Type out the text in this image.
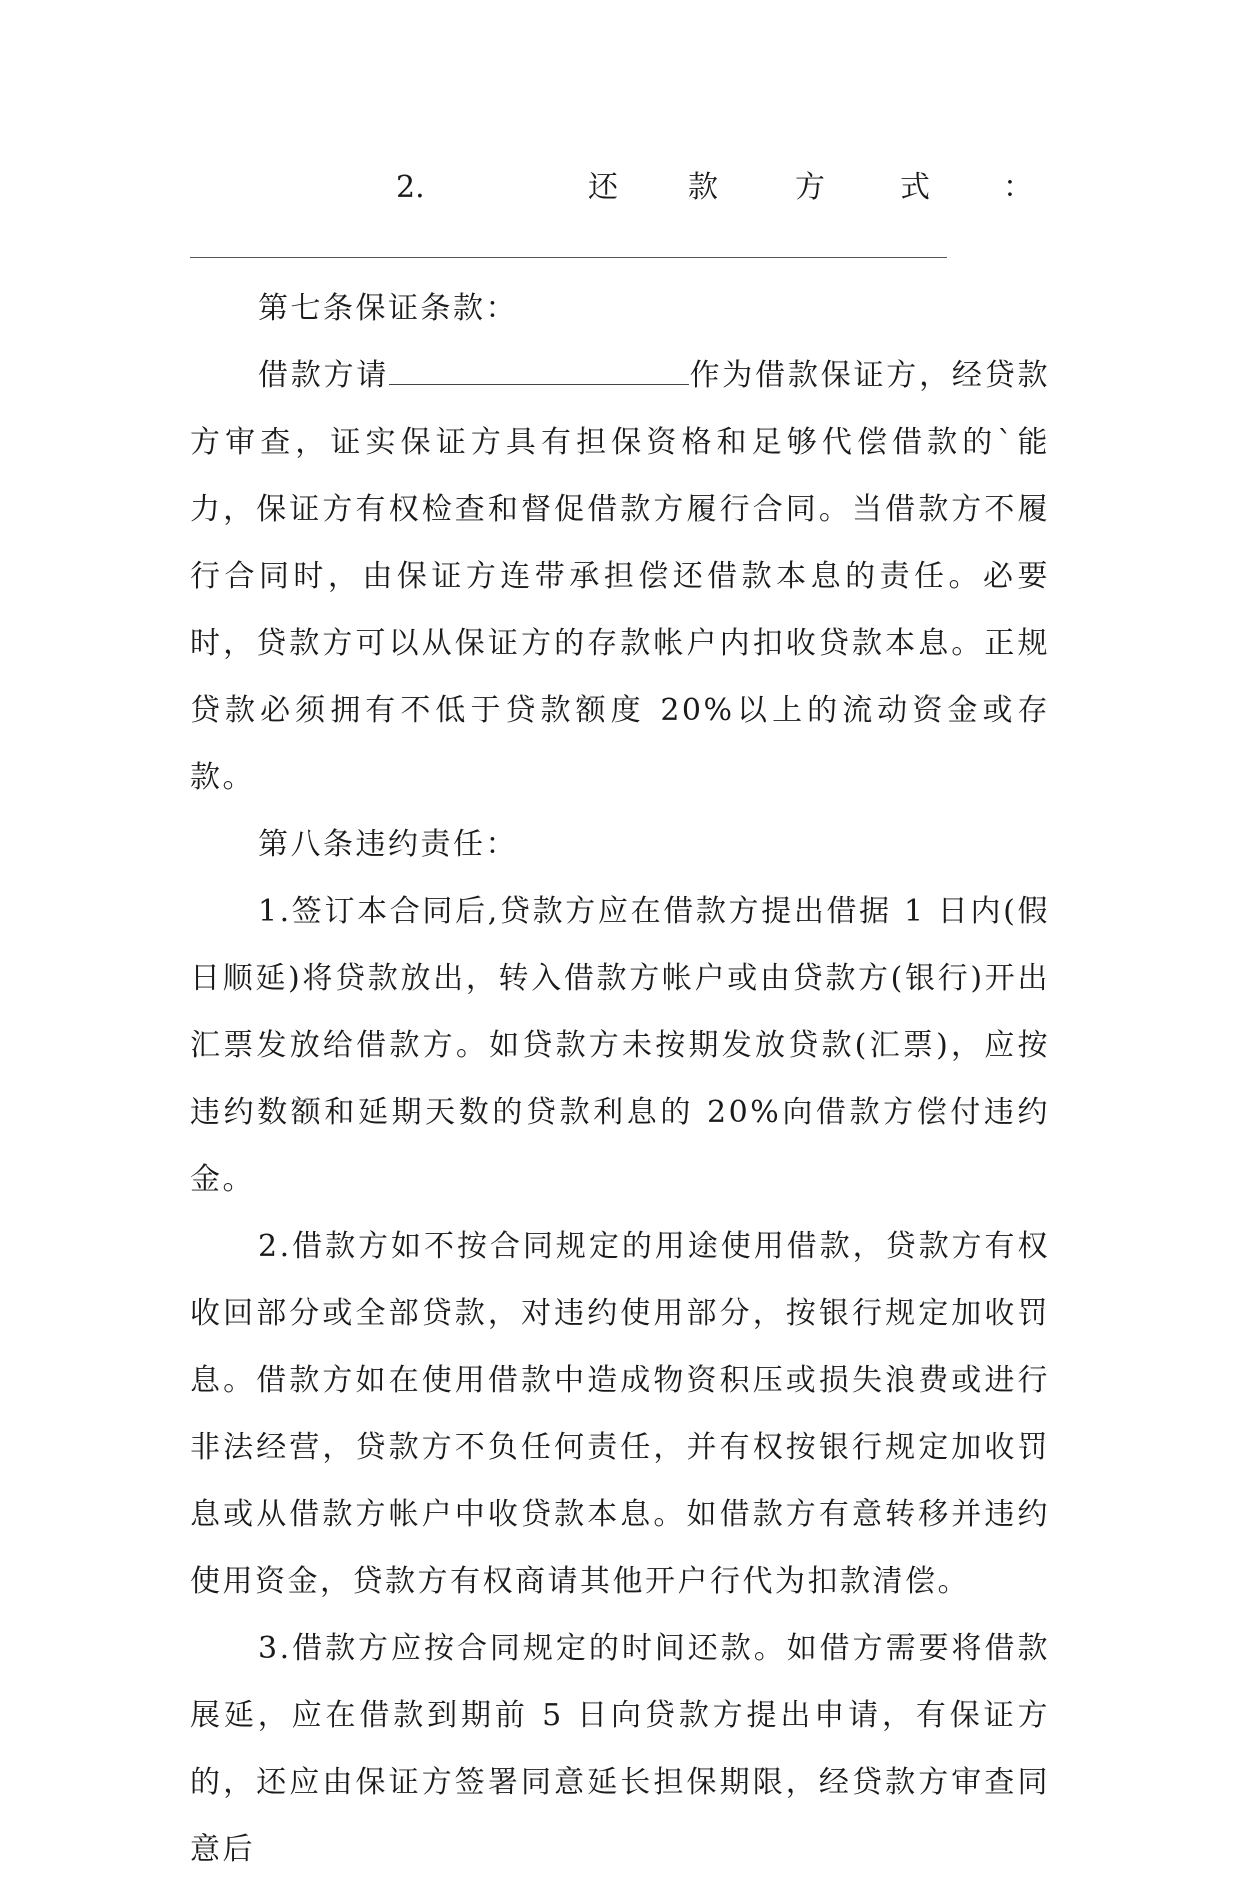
2.	还 款	方	式 ：

第七条保证条款：

借款方请	作为借款保证方，经贷款方审查，证实保证方具有担保资格和足够代偿借款的`能力，保证方有权检查和督促借款方履行合同。当借款方不履行合同时，由保证方连带承担偿还借款本息的责任。必要时，贷款方可以从保证方的存款帐户内扣收贷款本息。正规贷款必须拥有不低于贷款额度 20%以上的流动资金或存款。

第八条违约责任：

1.签订本合同后,贷款方应在借款方提出借据 1 日内(假日顺延)将贷款放出，转入借款方帐户或由贷款方(银行)开出汇票发放给借款方。如贷款方未按期发放贷款(汇票)，应按违约数额和延期天数的贷款利息的 20%向借款方偿付违约金。

2.借款方如不按合同规定的用途使用借款，贷款方有权收回部分或全部贷款，对违约使用部分，按银行规定加收罚息。借款方如在使用借款中造成物资积压或损失浪费或进行非法经营，贷款方不负任何责任，并有权按银行规定加收罚息或从借款方帐户中收贷款本息。如借款方有意转移并违约使用资金，贷款方有权商请其他开户行代为扣款清偿。

3.借款方应按合同规定的时间还款。如借方需要将借款展延，应在借款到期前 5 日向贷款方提出申请，有保证方的，还应由保证方签署同意延长担保期限，经贷款方审查同意后
